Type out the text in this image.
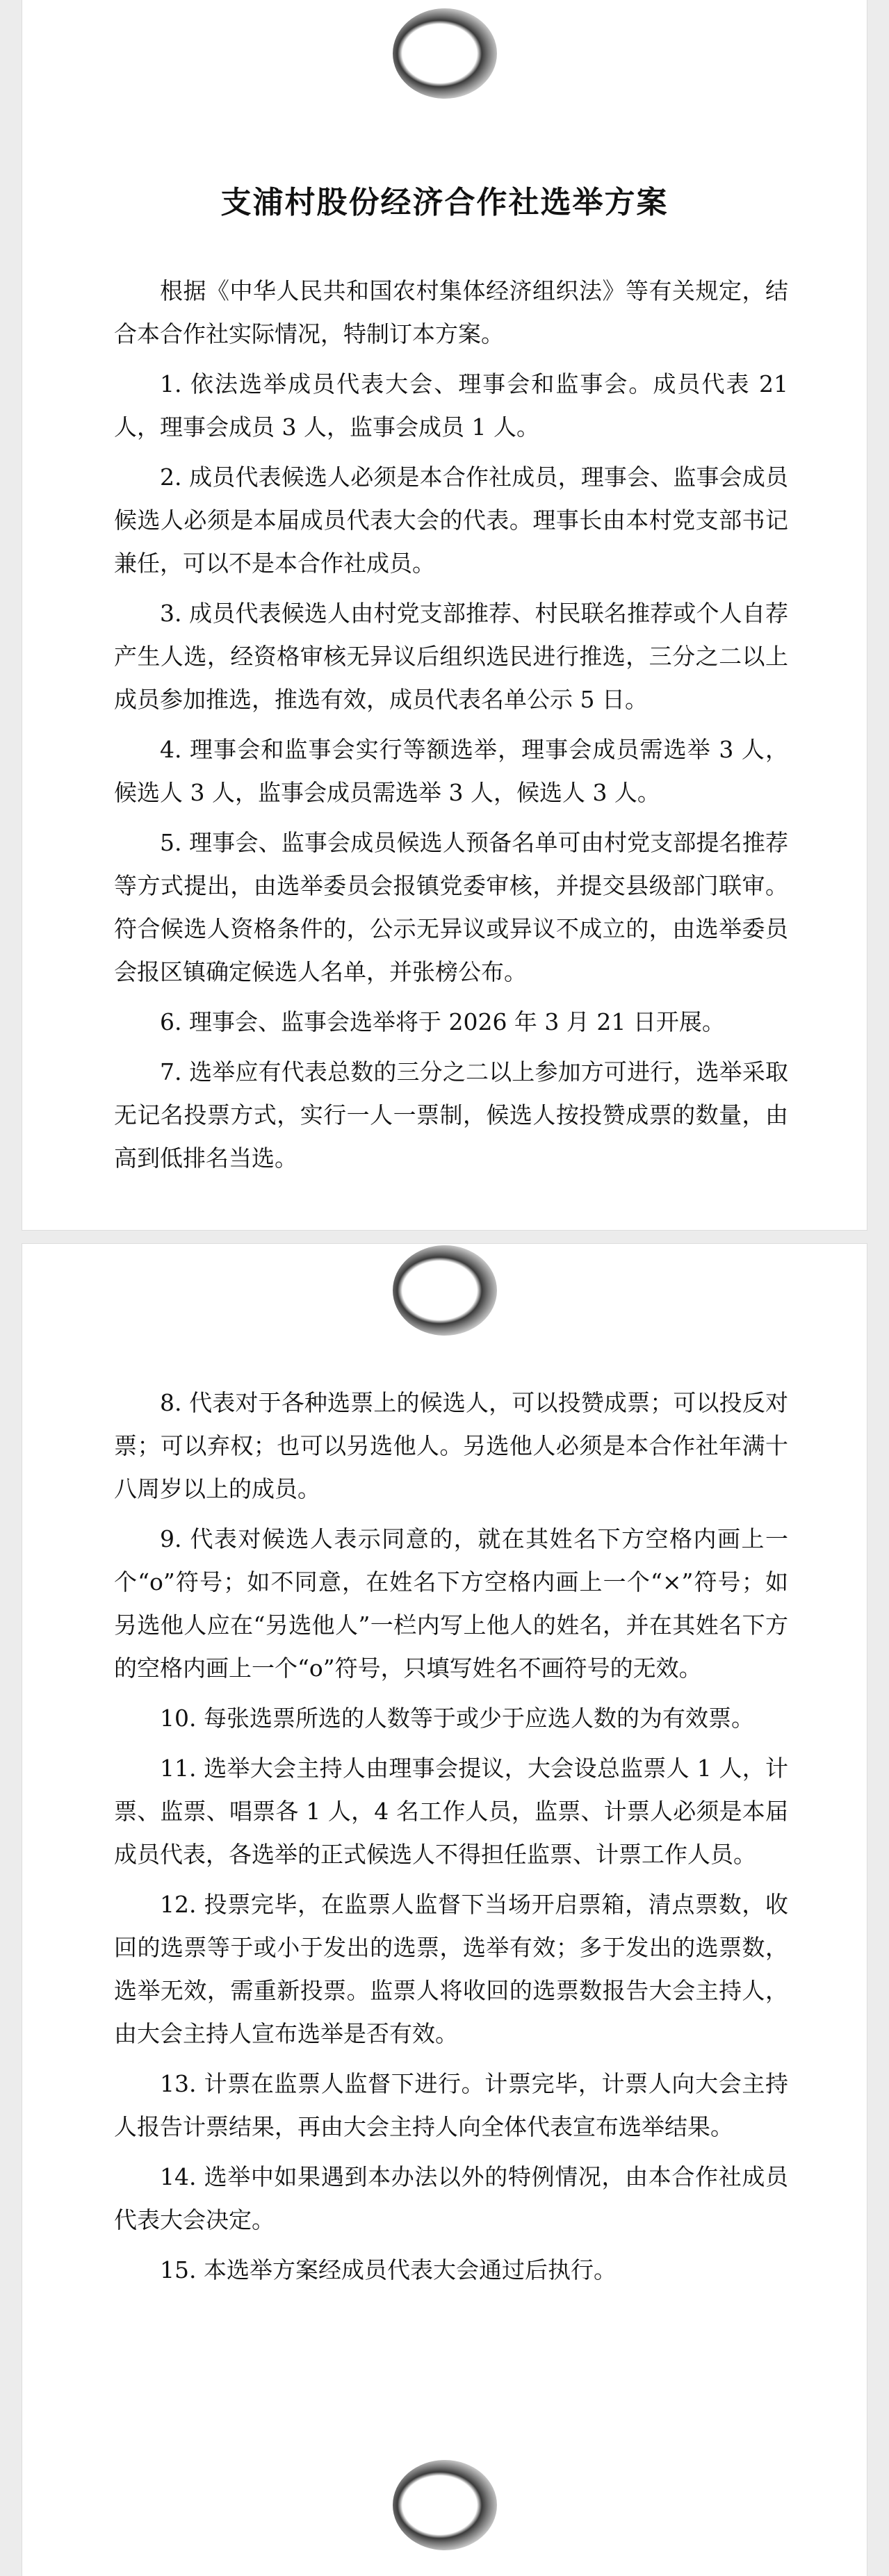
支浦村股份经济合作社选举方案

根据《中华人民共和国农村集体经济组织法》等有关规定，结合本合作社实际情况，特制订本方案。

1. 依法选举成员代表大会、理事会和监事会。成员代表 21 人，理事会成员 3 人，监事会成员 1 人。

2. 成员代表候选人必须是本合作社成员，理事会、监事会成员候选人必须是本届成员代表大会的代表。理事长由本村党支部书记兼任，可以不是本合作社成员。

3. 成员代表候选人由村党支部推荐、村民联名推荐或个人自荐产生人选，经资格审核无异议后组织选民进行推选，三分之二以上成员参加推选，推选有效，成员代表名单公示 5 日。

4. 理事会和监事会实行等额选举，理事会成员需选举 3 人，候选人 3 人，监事会成员需选举 3 人，候选人 3 人。

5. 理事会、监事会成员候选人预备名单可由村党支部提名推荐等方式提出，由选举委员会报镇党委审核，并提交县级部门联审。符合候选人资格条件的，公示无异议或异议不成立的，由选举委员会报区镇确定候选人名单，并张榜公布。

6. 理事会、监事会选举将于 2026 年 3 月 21 日开展。

7. 选举应有代表总数的三分之二以上参加方可进行，选举采取无记名投票方式，实行一人一票制，候选人按投赞成票的数量，由高到低排名当选。

8. 代表对于各种选票上的候选人，可以投赞成票；可以投反对票；可以弃权；也可以另选他人。另选他人必须是本合作社年满十八周岁以上的成员。

9. 代表对候选人表示同意的，就在其姓名下方空格内画上一个“o”符号；如不同意，在姓名下方空格内画上一个“×”符号；如另选他人应在“另选他人”一栏内写上他人的姓名，并在其姓名下方的空格内画上一个“o”符号，只填写姓名不画符号的无效。

10. 每张选票所选的人数等于或少于应选人数的为有效票。

11. 选举大会主持人由理事会提议，大会设总监票人 1 人，计票、监票、唱票各 1 人，4 名工作人员，监票、计票人必须是本届成员代表，各选举的正式候选人不得担任监票、计票工作人员。

12. 投票完毕，在监票人监督下当场开启票箱，清点票数，收回的选票等于或小于发出的选票，选举有效；多于发出的选票数，选举无效，需重新投票。监票人将收回的选票数报告大会主持人，由大会主持人宣布选举是否有效。

13. 计票在监票人监督下进行。计票完毕，计票人向大会主持人报告计票结果，再由大会主持人向全体代表宣布选举结果。

14. 选举中如果遇到本办法以外的特例情况，由本合作社成员代表大会决定。

15. 本选举方案经成员代表大会通过后执行。
